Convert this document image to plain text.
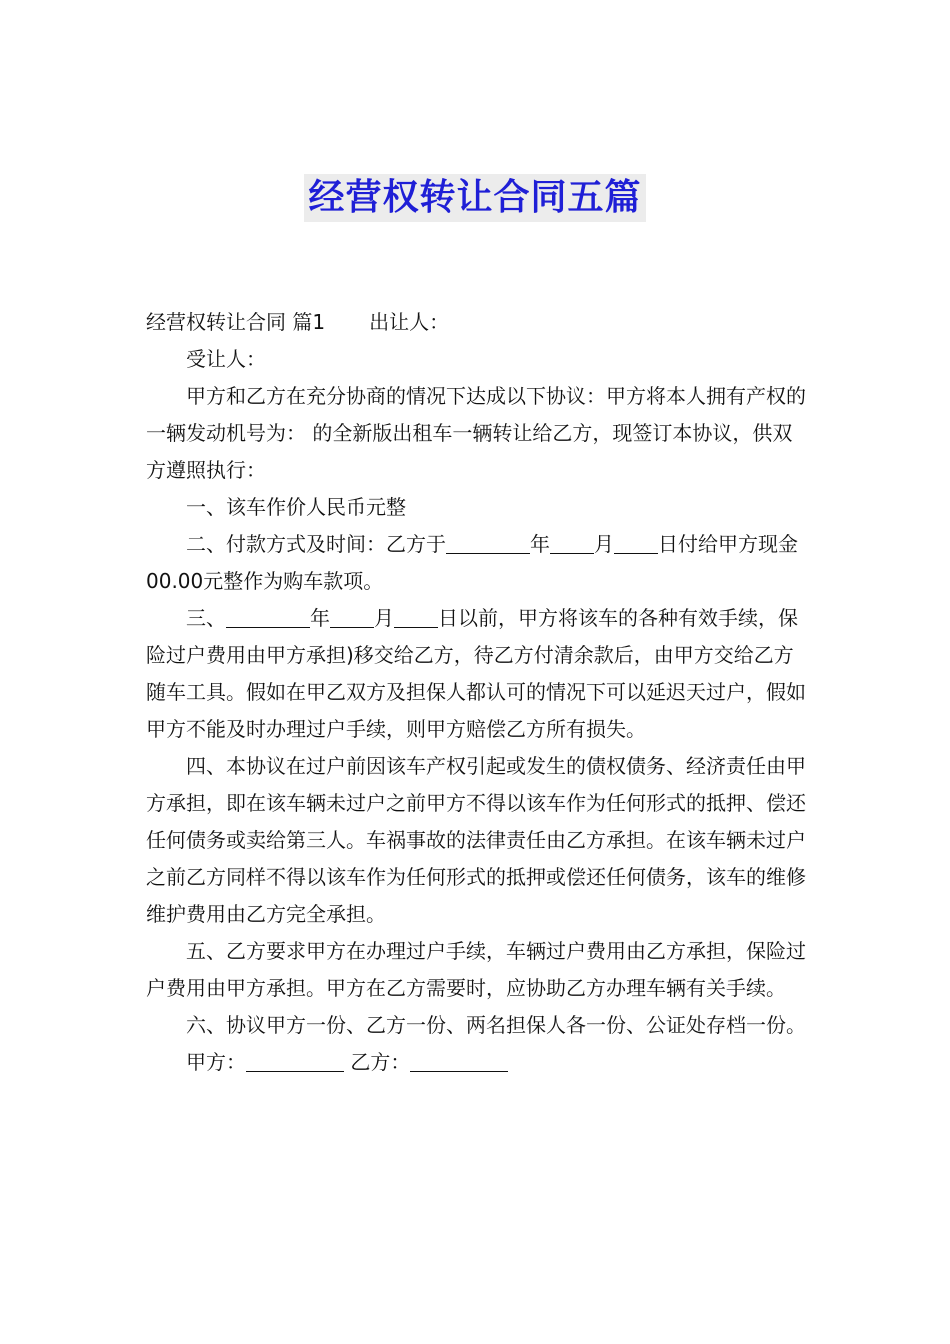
经营权转让合同五篇

经营权转让合同 篇1 出让人：

受让人：

甲方和乙方在充分协商的情况下达成以下协议：甲方将本人拥有产权的一辆发动机号为： 的全新版出租车一辆转让给乙方，现签订本协议，供双方遵照执行：

一、该车作价人民币元整

二、付款方式及时间：乙方于	年 月 日付给甲方现金00.00元整作为购车款项。

三、	年 月 日以前，甲方将该车的各种有效手续，保险过户费用由甲方承担)移交给乙方，待乙方付清余款后，由甲方交给乙方随车工具。假如在甲乙双方及担保人都认可的情况下可以延迟天过户，假如甲方不能及时办理过户手续，则甲方赔偿乙方所有损失。

四、本协议在过户前因该车产权引起或发生的债权债务、经济责任由甲方承担，即在该车辆未过户之前甲方不得以该车作为任何形式的抵押、偿还任何债务或卖给第三人。车祸事故的法律责任由乙方承担。在该车辆未过户之前乙方同样不得以该车作为任何形式的抵押或偿还任何债务，该车的维修维护费用由乙方完全承担。

五、乙方要求甲方在办理过户手续，车辆过户费用由乙方承担，保险过户费用由甲方承担。甲方在乙方需要时，应协助乙方办理车辆有关手续。

六、协议甲方一份、乙方一份、两名担保人各一份、公证处存档一份。

甲方：	乙方：
